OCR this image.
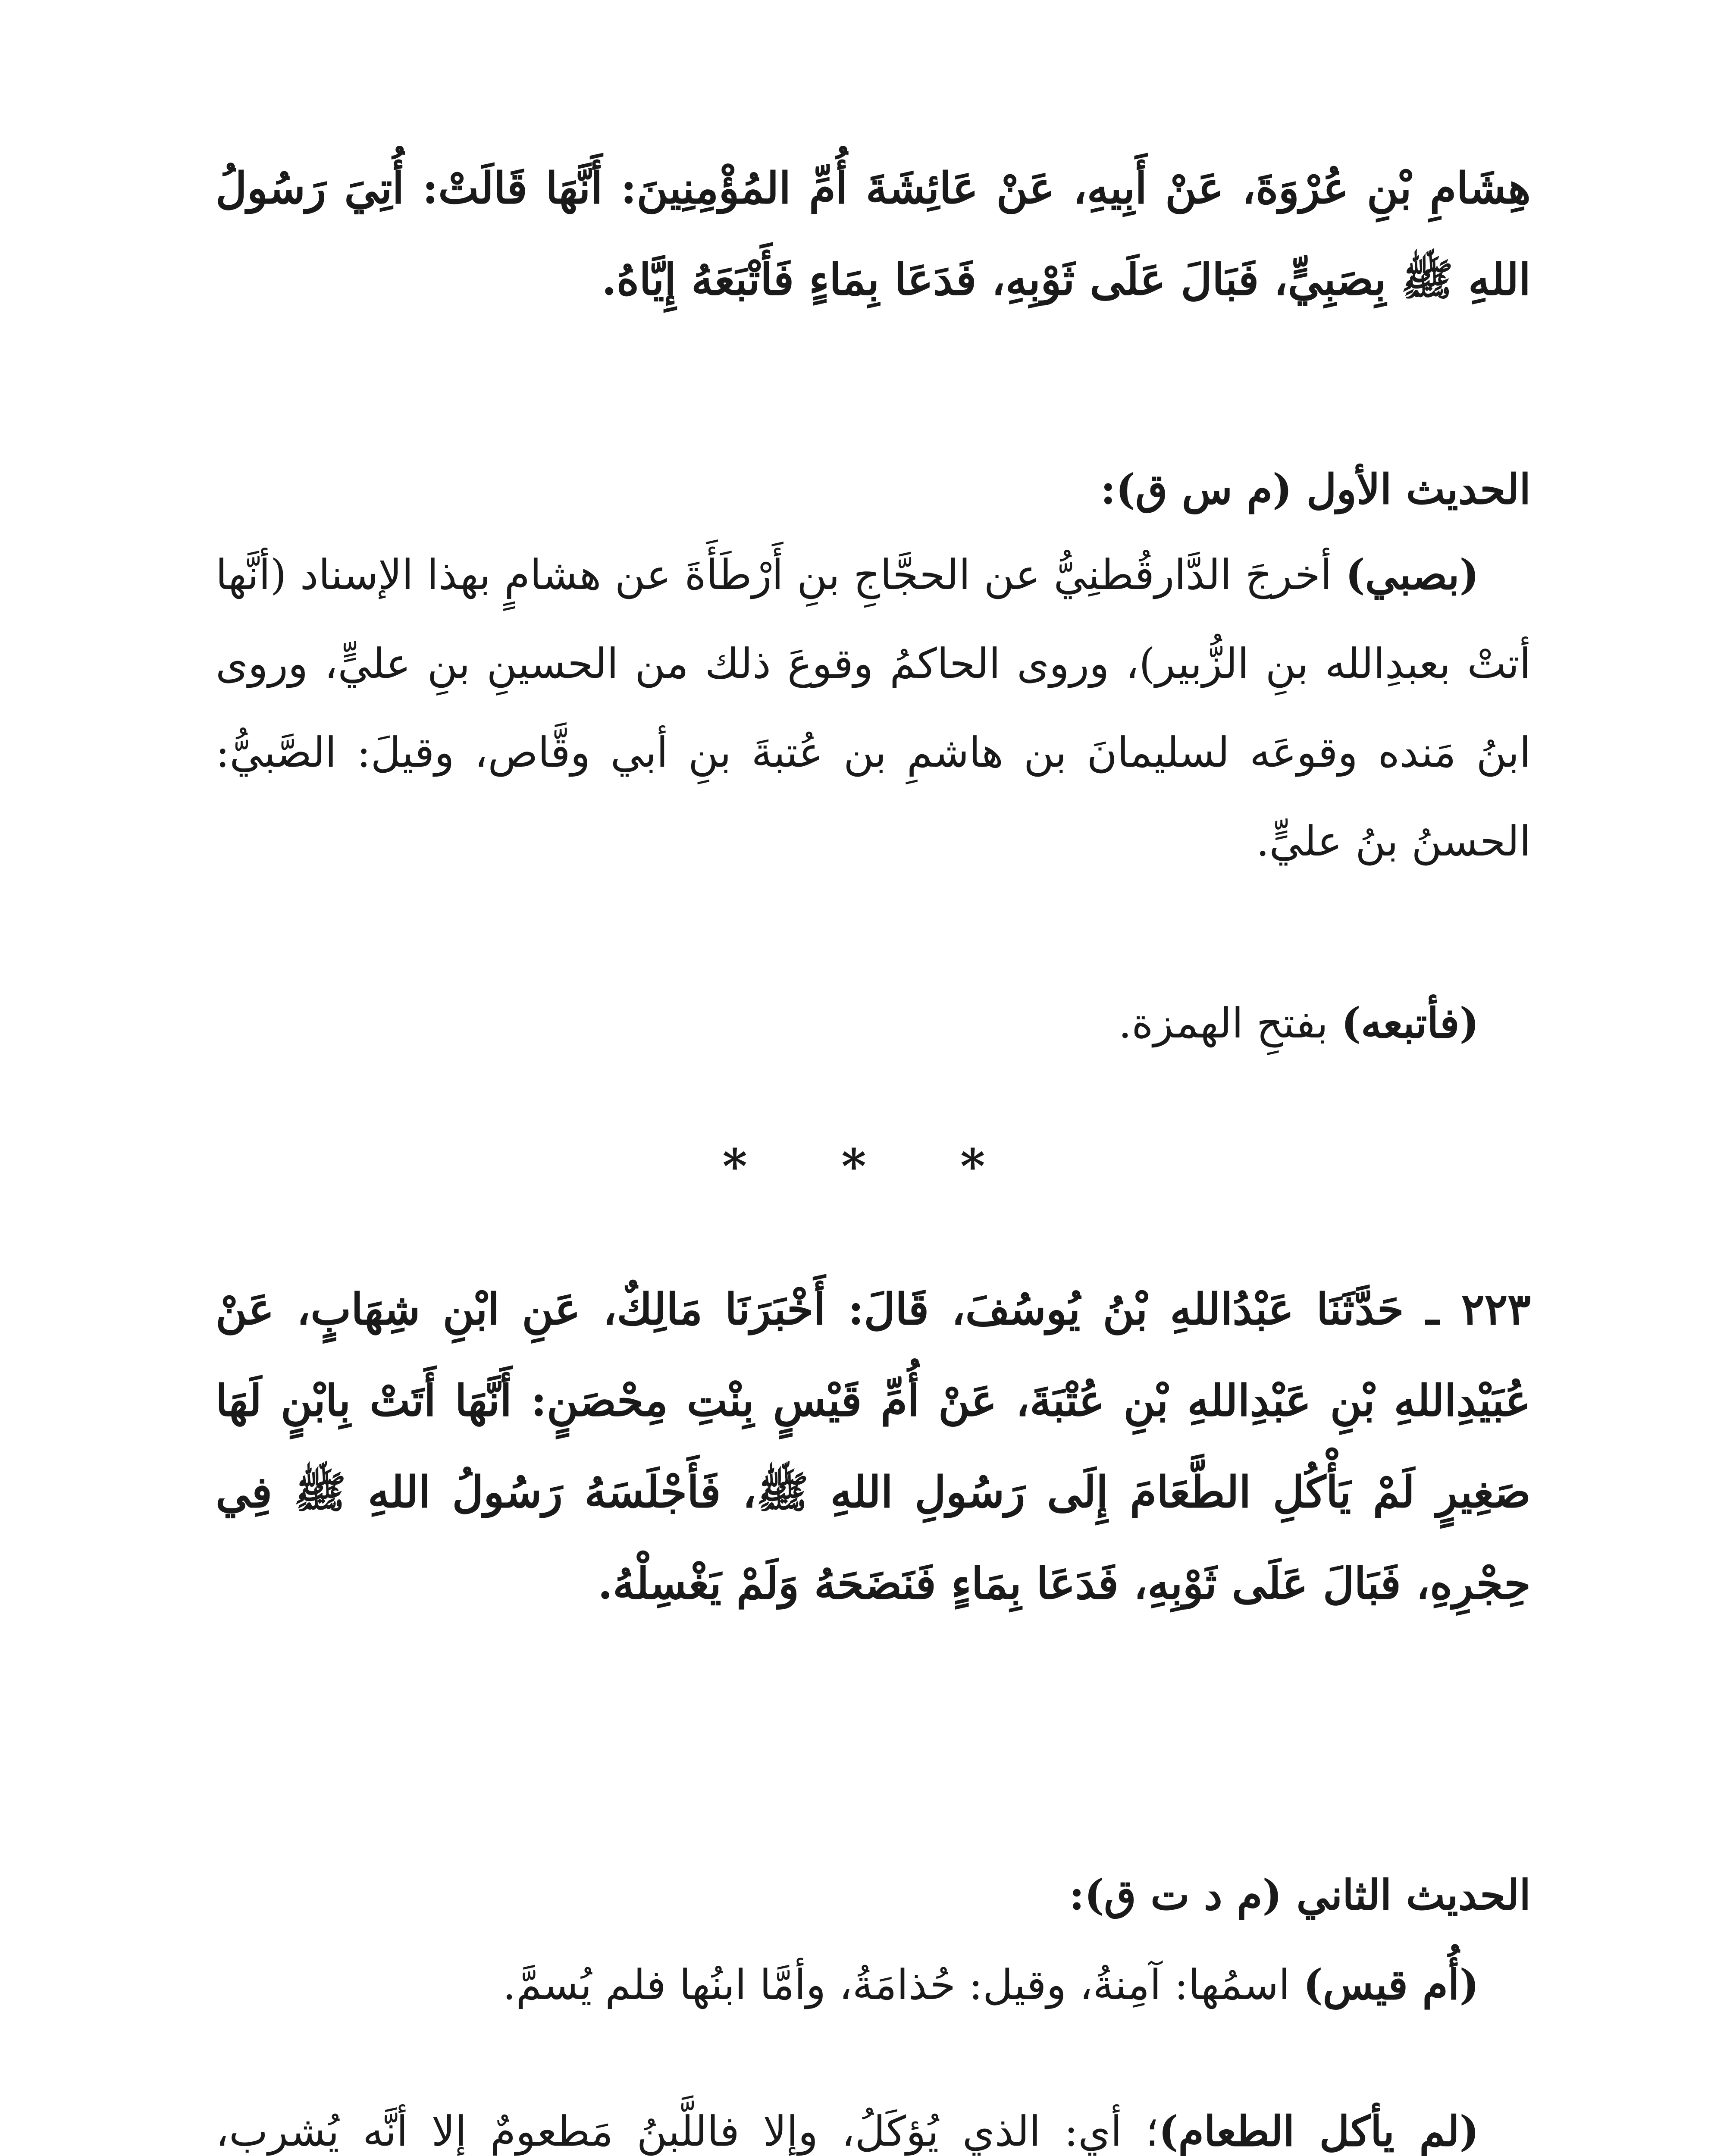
هِشَامِ بْنِ عُرْوَةَ، عَنْ أَبِيهِ، عَنْ عَائِشَةَ أُمِّ المُؤْمِنِينَ: أَنَّهَا قَالَتْ: أُتِيَ رَسُولُ اللهِ ﷺ بِصَبِيٍّ، فَبَالَ عَلَى ثَوْبِهِ، فَدَعَا بِمَاءٍ فَأَتْبَعَهُ إِيَّاهُ.

الحديث الأول (م س ق):

(بصبي) أخرجَ الدَّارقُطنِيُّ عن الحجَّاجِ بنِ أَرْطَأَةَ عن هشامٍ بهذا الإسناد (أنَّها أتتْ بعبدِالله بنِ الزُّبير)، وروى الحاكمُ وقوعَ ذلك من الحسينِ بنِ عليٍّ، وروى ابنُ مَنده وقوعَه لسليمانَ بن هاشمِ بن عُتبةَ بنِ أبي وقَّاص، وقيلَ: الصَّبيُّ: الحسنُ بنُ عليٍّ.

(فأتبعه) بفتحِ الهمزة.

* * *

٢٢٣ ـ حَدَّثَنَا عَبْدُاللهِ بْنُ يُوسُفَ، قَالَ: أَخْبَرَنَا مَالِكٌ، عَنِ ابْنِ شِهَابٍ، عَنْ عُبَيْدِاللهِ بْنِ عَبْدِاللهِ بْنِ عُتْبَةَ، عَنْ أُمِّ قَيْسٍ بِنْتِ مِحْصَنٍ: أَنَّهَا أَتَتْ بِابْنٍ لَهَا صَغِيرٍ لَمْ يَأْكُلِ الطَّعَامَ إِلَى رَسُولِ اللهِ ﷺ، فَأَجْلَسَهُ رَسُولُ اللهِ ﷺ فِي حِجْرِهِ، فَبَالَ عَلَى ثَوْبِهِ، فَدَعَا بِمَاءٍ فَنَضَحَهُ وَلَمْ يَغْسِلْهُ.

الحديث الثاني (م د ت ق):

(أُم قيس) اسمُها: آمِنةُ، وقيل: حُذامَةُ، وأمَّا ابنُها فلم يُسمَّ.

(لم يأكل الطعام)؛ أي: الذي يُؤكَلُ، وإلا فاللَّبنُ مَطعومٌ إلا أنَّه يُشرب،
